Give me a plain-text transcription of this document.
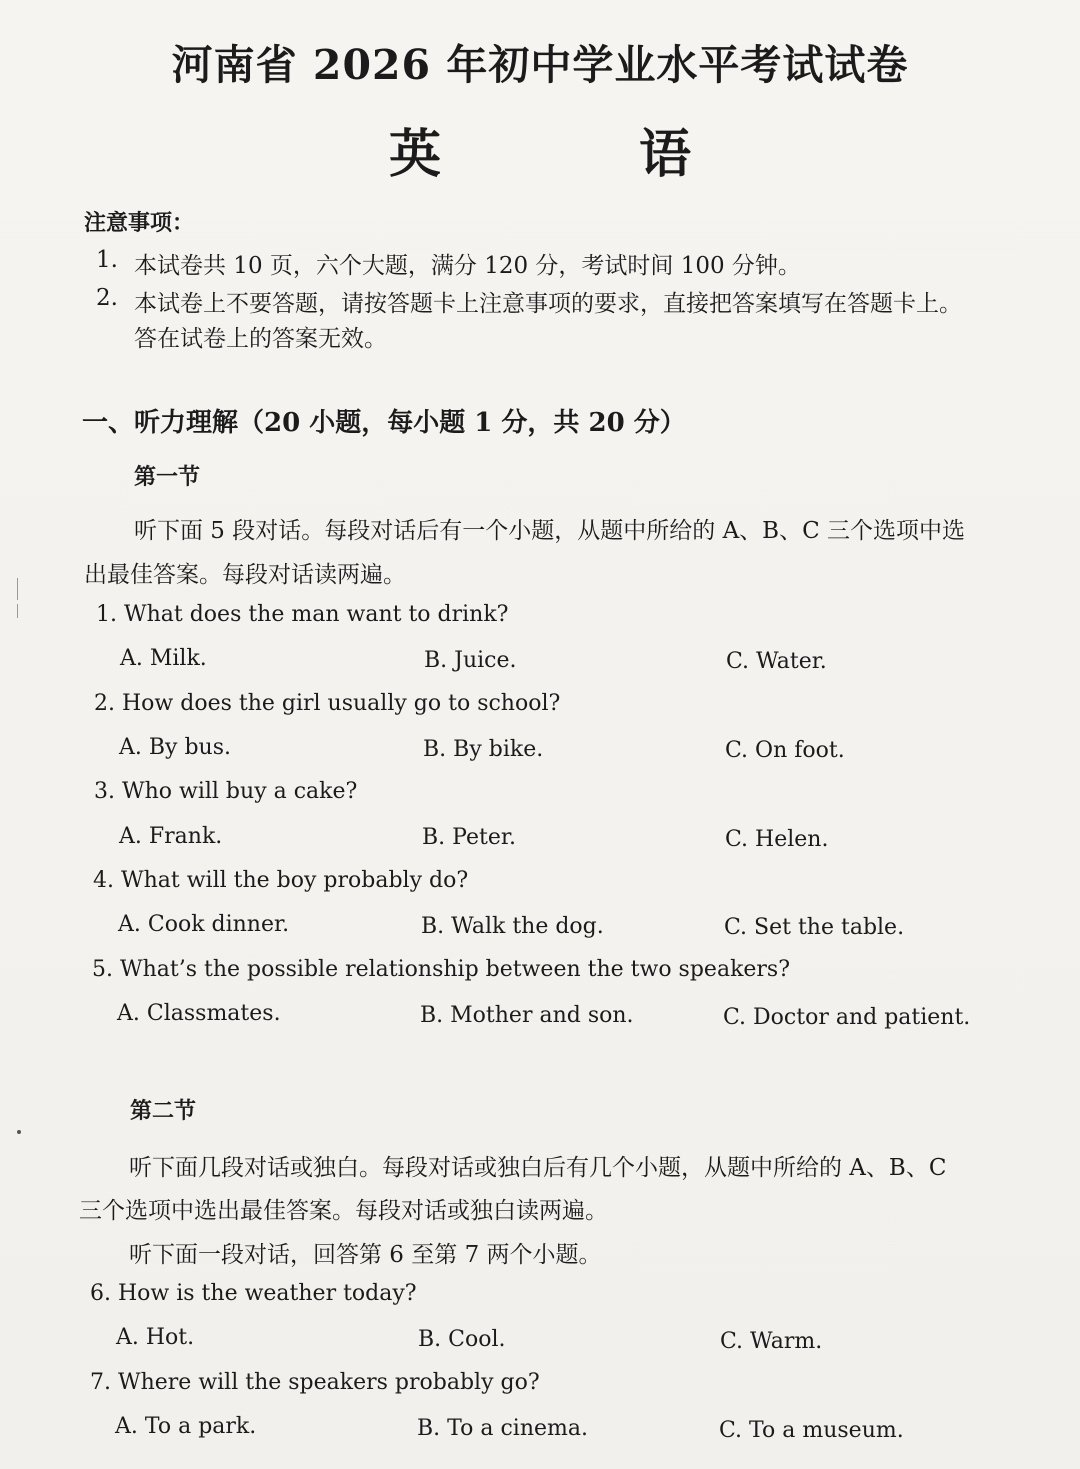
河南省 2026 年初中学业水平考试试卷
英 语
注意事项：
1. 本试卷共 10 页，六个大题，满分 120 分，考试时间 100 分钟。
2. 本试卷上不要答题，请按答题卡上注意事项的要求，直接把答案填写在答题卡上。
答在试卷上的答案无效。
一、听力理解（20 小题，每小题 1 分，共 20 分）
第一节
听下面 5 段对话。每段对话后有一个小题，从题中所给的 A、B、C 三个选项中选
出最佳答案。每段对话读两遍。
1. What does the man want to drink?
A. Milk.	B. Juice.	C. Water.
2. How does the girl usually go to school?
A. By bus.	B. By bike.	C. On foot.
3. Who will buy a cake?
A. Frank.	B. Peter.	C. Helen.
4. What will the boy probably do?
A. Cook dinner.	B. Walk the dog.	C. Set the table.
5. What’s the possible relationship between the two speakers?
A. Classmates.	B. Mother and son.	C. Doctor and patient.
第二节
听下面几段对话或独白。每段对话或独白后有几个小题，从题中所给的 A、B、C
三个选项中选出最佳答案。每段对话或独白读两遍。
听下面一段对话，回答第 6 至第 7 两个小题。
6. How is the weather today?
A. Hot.	B. Cool.	C. Warm.
7. Where will the speakers probably go?
A. To a park.	B. To a cinema.	C. To a museum.
